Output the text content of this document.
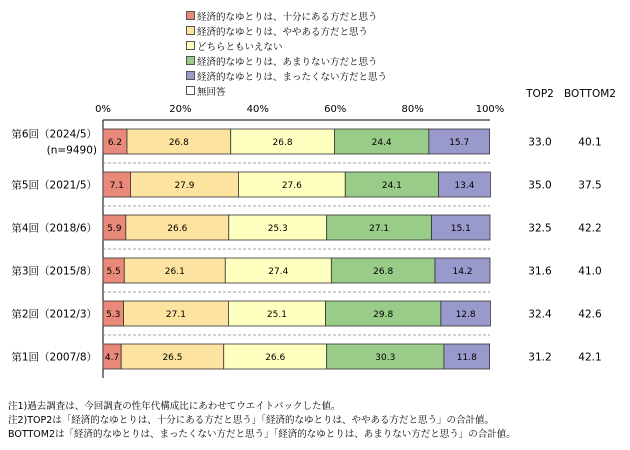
経済的なゆとりは、十分にある方だと思う
経済的なゆとりは、ややある方だと思う
どちらともいえない
経済的なゆとりは、あまりない方だと思う
経済的なゆとりは、まったくない方だと思う
無回答
0%	20%	40%	60%	80%	100%
TOP2 BOTTOM2
第6回（2024/5）
(n=9490)
6.2	26.8	26.8	24.4	15.7	33.0	40.1
第5回（2021/5） 7.1	27.9	27.6	24.1	13.4	35.0	37.5
第4回（2018/6） 5.9	26.6	25.3	27.1	15.1	32.5	42.2
第3回（2015/8） 5.5	26.1	27.4	26.8	14.2	31.6	41.0
第2回（2012/3） 5.3	27.1	25.1	29.8	12.8	32.4	42.6
第1回（2007/8） 4.7	26.5	26.6	30.3	11.8	31.2	42.1
注1)過去調査は、今回調査の性年代構成比にあわせてウエイトバックした値。
注2)TOP2は「経済的なゆとりは、十分にある方だと思う」「経済的なゆとりは、ややある方だと思う」の合計値。
BOTTOM2は「経済的なゆとりは、まったくない方だと思う」「経済的なゆとりは、あまりない方だと思う」の合計値。
